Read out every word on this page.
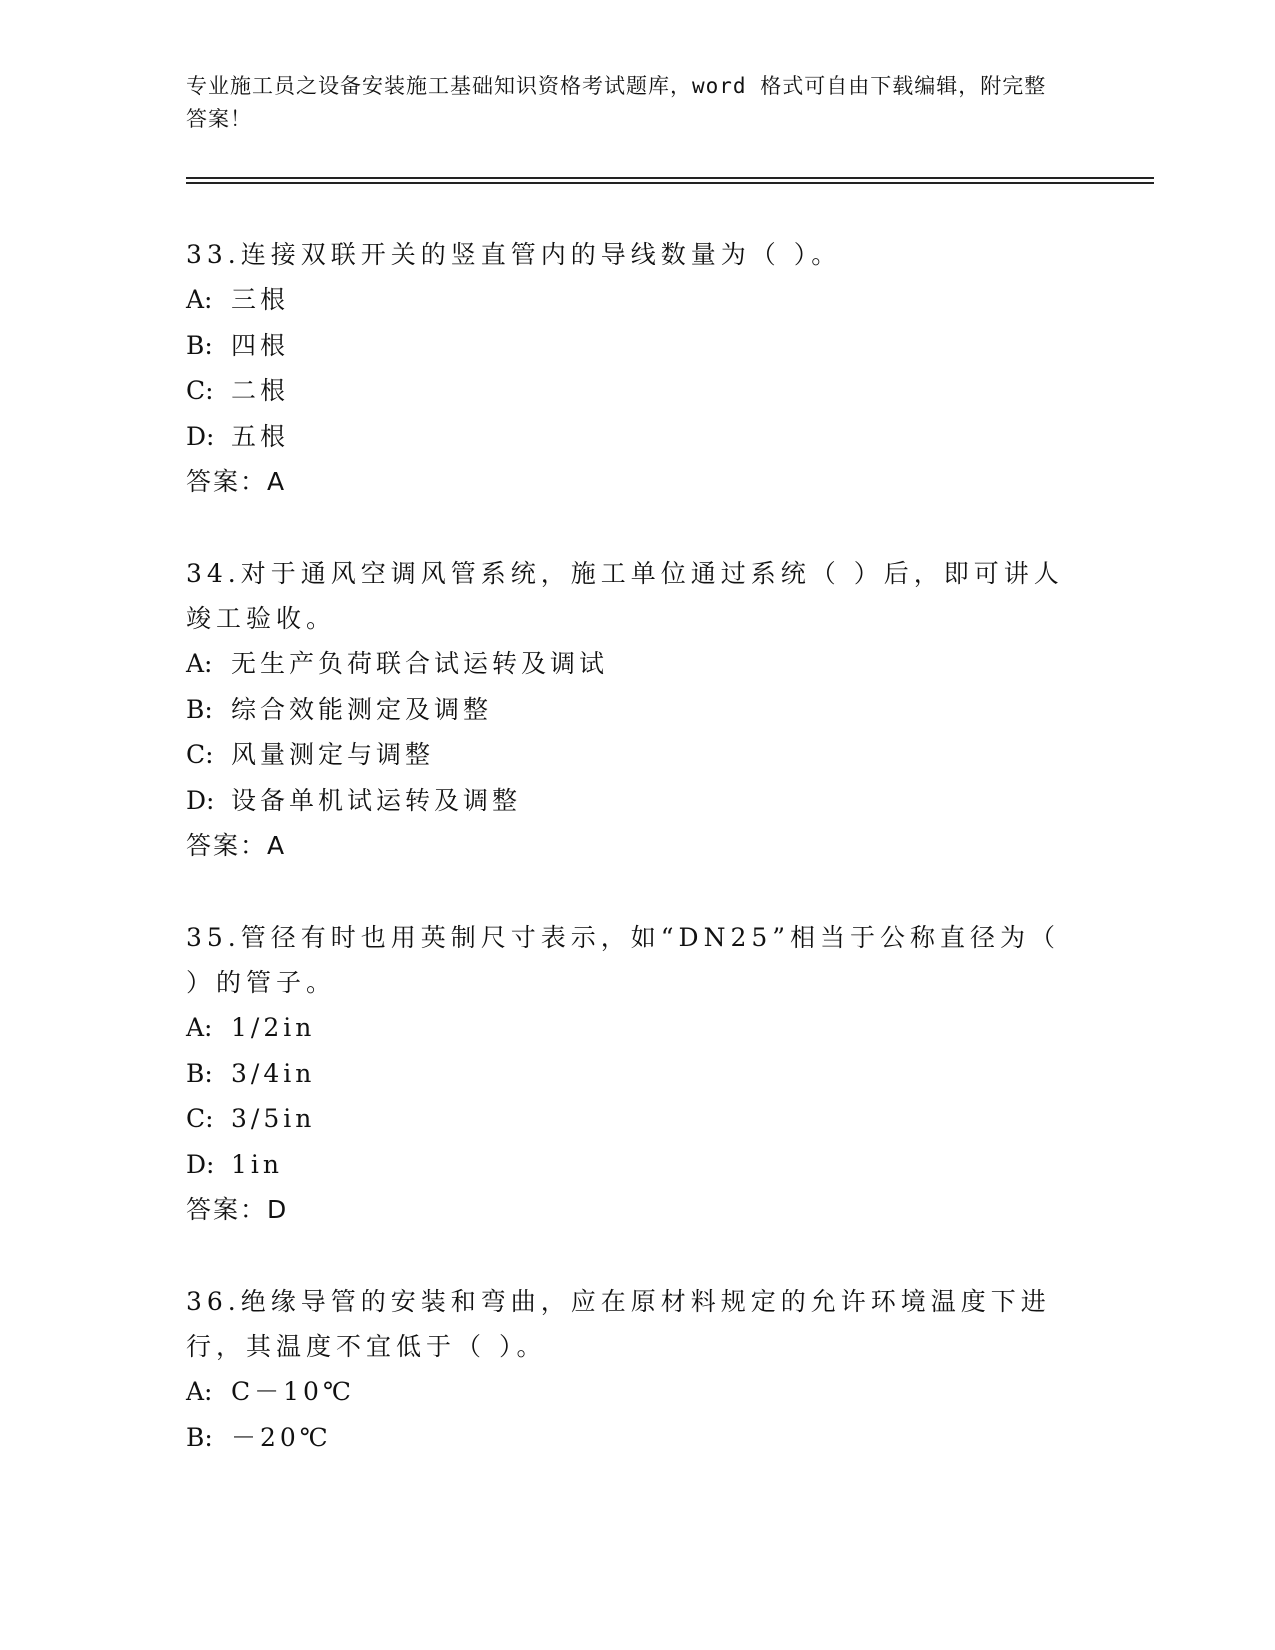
专业施工员之设备安装施工基础知识资格考试题库，word 格式可自由下载编辑，附完整答案！
33.连接双联开关的竖直管内的导线数量为（ ）。
A: 三根
B: 四根
C: 二根
D: 五根
答案：A
34.对于通风空调风管系统，施工单位通过系统（ ）后，即可讲人竣工验收。
A: 无生产负荷联合试运转及调试
B: 综合效能测定及调整
C: 风量测定与调整
D: 设备单机试运转及调整
答案：A
35.管径有时也用英制尺寸表示，如“DN25”相当于公称直径为（ ）的管子。
A: 1/2in
B: 3/4in
C: 3/5in
D: 1in
答案：D
36.绝缘导管的安装和弯曲，应在原材料规定的允许环境温度下进行，其温度不宜低于（ ）。
A: C－10℃
B: －20℃
